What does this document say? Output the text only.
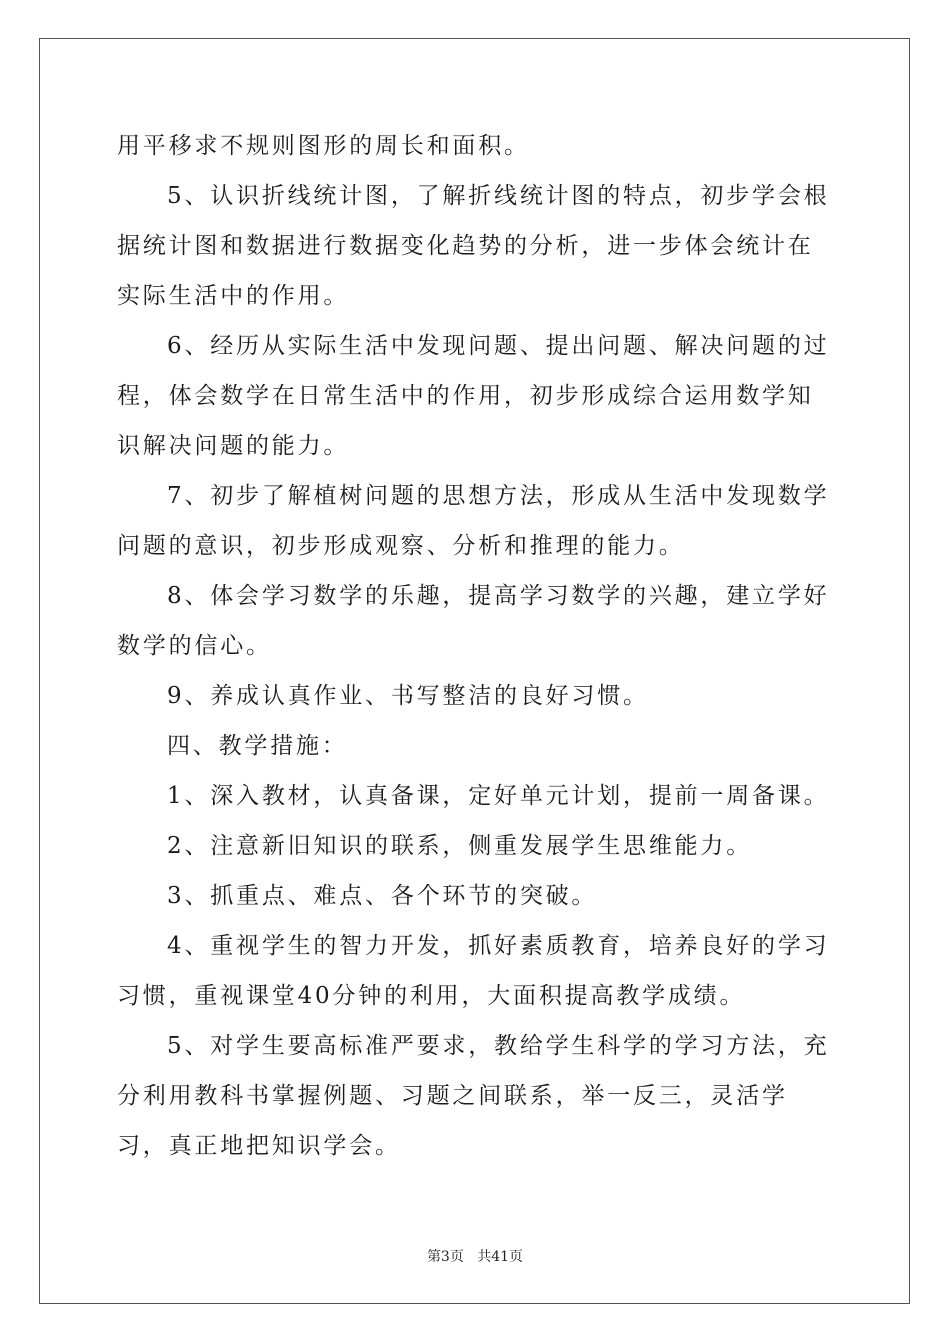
用平移求不规则图形的周长和面积。

5、认识折线统计图，了解折线统计图的特点，初步学会根据统计图和数据进行数据变化趋势的分析，进一步体会统计在实际生活中的作用。

6、经历从实际生活中发现问题、提出问题、解决问题的过程，体会数学在日常生活中的作用，初步形成综合运用数学知识解决问题的能力。

7、初步了解植树问题的思想方法，形成从生活中发现数学问题的意识，初步形成观察、分析和推理的能力。

8、体会学习数学的乐趣，提高学习数学的兴趣，建立学好数学的信心。

9、养成认真作业、书写整洁的良好习惯。

四、教学措施：

1、深入教材，认真备课，定好单元计划，提前一周备课。

2、注意新旧知识的联系，侧重发展学生思维能力。

3、抓重点、难点、各个环节的突破。

4、重视学生的智力开发，抓好素质教育，培养良好的学习习惯，重视课堂40分钟的利用，大面积提高教学成绩。

5、对学生要高标准严要求，教给学生科学的学习方法，充分利用教科书掌握例题、习题之间联系，举一反三，灵活学习，真正地把知识学会。

第3页 共41页
